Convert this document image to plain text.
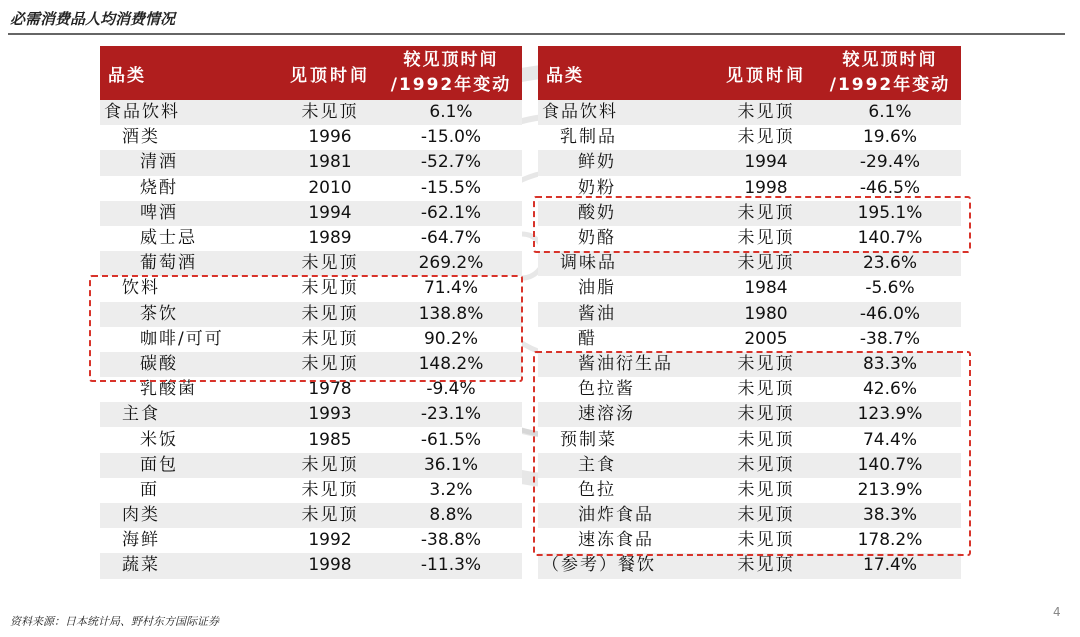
必需消费品人均消费情况
品类	见顶时间	较见顶时间
/1992年变动
食品饮料	未见顶	6.1%
酒类	1996	-15.0%
清酒	1981	-52.7%
烧酎	2010	-15.5%
啤酒	1994	-62.1%
威士忌	1989	-64.7%
葡萄酒	未见顶	269.2%
饮料	未见顶	71.4%
茶饮	未见顶	138.8%
咖啡/可可	未见顶	90.2%
碳酸	未见顶	148.2%
乳酸菌	1978	-9.4%
主食	1993	-23.1%
米饭	1985	-61.5%
面包	未见顶	36.1%
面	未见顶	3.2%
肉类	未见顶	8.8%
海鲜	1992	-38.8%
蔬菜	1998	-11.3%
品类	见顶时间	较见顶时间
/1992年变动
食品饮料	未见顶	6.1%
乳制品	未见顶	19.6%
鲜奶	1994	-29.4%
奶粉	1998	-46.5%
酸奶	未见顶	195.1%
奶酪	未见顶	140.7%
调味品	未见顶	23.6%
油脂	1984	-5.6%
酱油	1980	-46.0%
醋	2005	-38.7%
酱油衍生品	未见顶	83.3%
色拉酱	未见顶	42.6%
速溶汤	未见顶	123.9%
预制菜	未见顶	74.4%
主食	未见顶	140.7%
色拉	未见顶	213.9%
油炸食品	未见顶	38.3%
速冻食品	未见顶	178.2%
（参考）餐饮	未见顶	17.4%
资料来源：日本统计局、野村东方国际证券
4
